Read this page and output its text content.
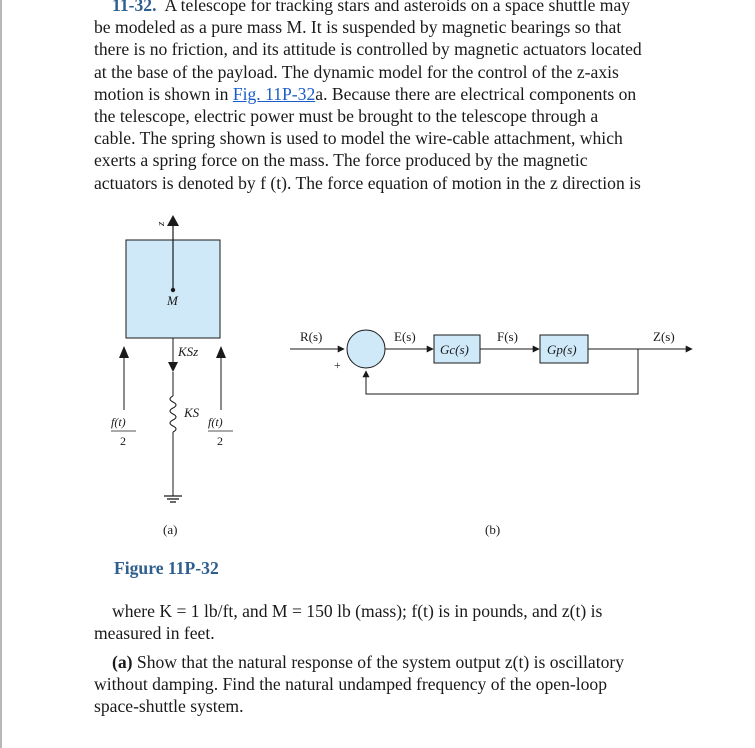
11-32. A telescope for tracking stars and asteroids on a space shuttle may
be modeled as a pure mass M. It is suspended by magnetic bearings so that
there is no friction, and its attitude is controlled by magnetic actuators located
at the base of the payload. The dynamic model for the control of the z-axis
motion is shown in Fig. 11P-32a. Because there are electrical components on
the telescope, electric power must be brought to the telescope through a
cable. The spring shown is used to model the wire-cable attachment, which
exerts a spring force on the mass. The force produced by the magnetic
actuators is denoted by f (t). The force equation of motion in the z direction is
z
M
KSz
KS
f(t)
2
f(t)
2
(a)
R(s)
+
E(s)
Gc(s)
F(s)
Gp(s)
Z(s)
(b)
Figure 11P-32
where K = 1 lb/ft, and M = 150 lb (mass); f(t) is in pounds, and z(t) is
measured in feet.
(a) Show that the natural response of the system output z(t) is oscillatory
without damping. Find the natural undamped frequency of the open-loop
space-shuttle system.
